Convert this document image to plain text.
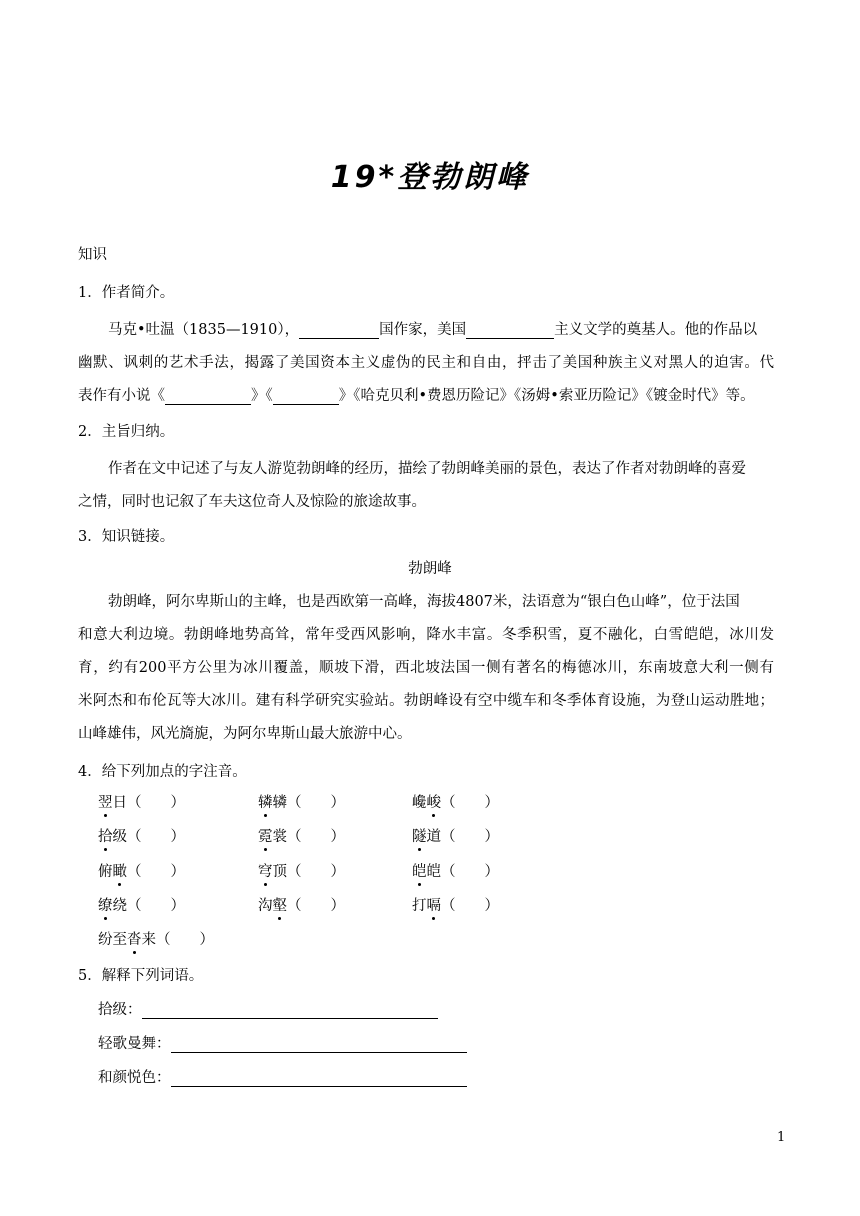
19*登勃朗峰
知识
1．作者简介。
马克•吐温（1835—1910），	国作家，美国	主义文学的奠基人。他的作品以
幽默、讽刺的艺术手法，揭露了美国资本主义虚伪的民主和自由，抨击了美国种族主义对黑人的迫害。代
表作有小说《	》《	》《哈克贝利•费恩历险记》《汤姆•索亚历险记》《镀金时代》等。
2．主旨归纳。
作者在文中记述了与友人游览勃朗峰的经历，描绘了勃朗峰美丽的景色，表达了作者对勃朗峰的喜爱
之情，同时也记叙了车夫这位奇人及惊险的旅途故事。
3．知识链接。
勃朗峰
勃朗峰，阿尔卑斯山的主峰，也是西欧第一高峰，海拔4807米，法语意为“银白色山峰”，位于法国
和意大利边境。勃朗峰地势高耸，常年受西风影响，降水丰富。冬季积雪，夏不融化，白雪皑皑，冰川发
育，约有200平方公里为冰川覆盖，顺坡下滑，西北坡法国一侧有著名的梅德冰川，东南坡意大利一侧有
米阿杰和布伦瓦等大冰川。建有科学研究实验站。勃朗峰设有空中缆车和冬季体育设施，为登山运动胜地；
山峰雄伟，风光旖旎，为阿尔卑斯山最大旅游中心。
4．给下列加点的字注音。
翌日（　　）	辚辚（　　）	巉峻（　　）
拾级（　　）	霓裳（　　）	隧道（　　）
俯瞰（　　）	穹顶（　　）	皑皑（　　）
缭绕（　　）	沟壑（　　）	打嗝（　　）
纷至沓来（　　）
5．解释下列词语。
拾级：
轻歌曼舞：
和颜悦色：
1
